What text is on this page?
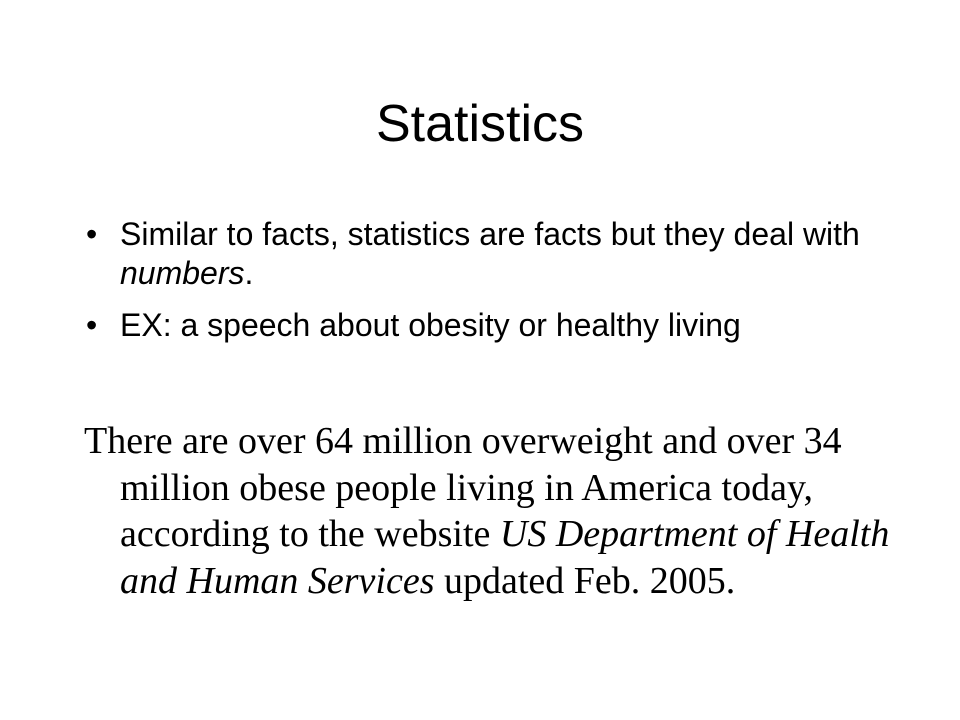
Statistics
• Similar to facts, statistics are facts but they deal with numbers.
• EX: a speech about obesity or healthy living

There are over 64 million overweight and over 34 million obese people living in America today, according to the website US Department of Health and Human Services updated Feb. 2005.
